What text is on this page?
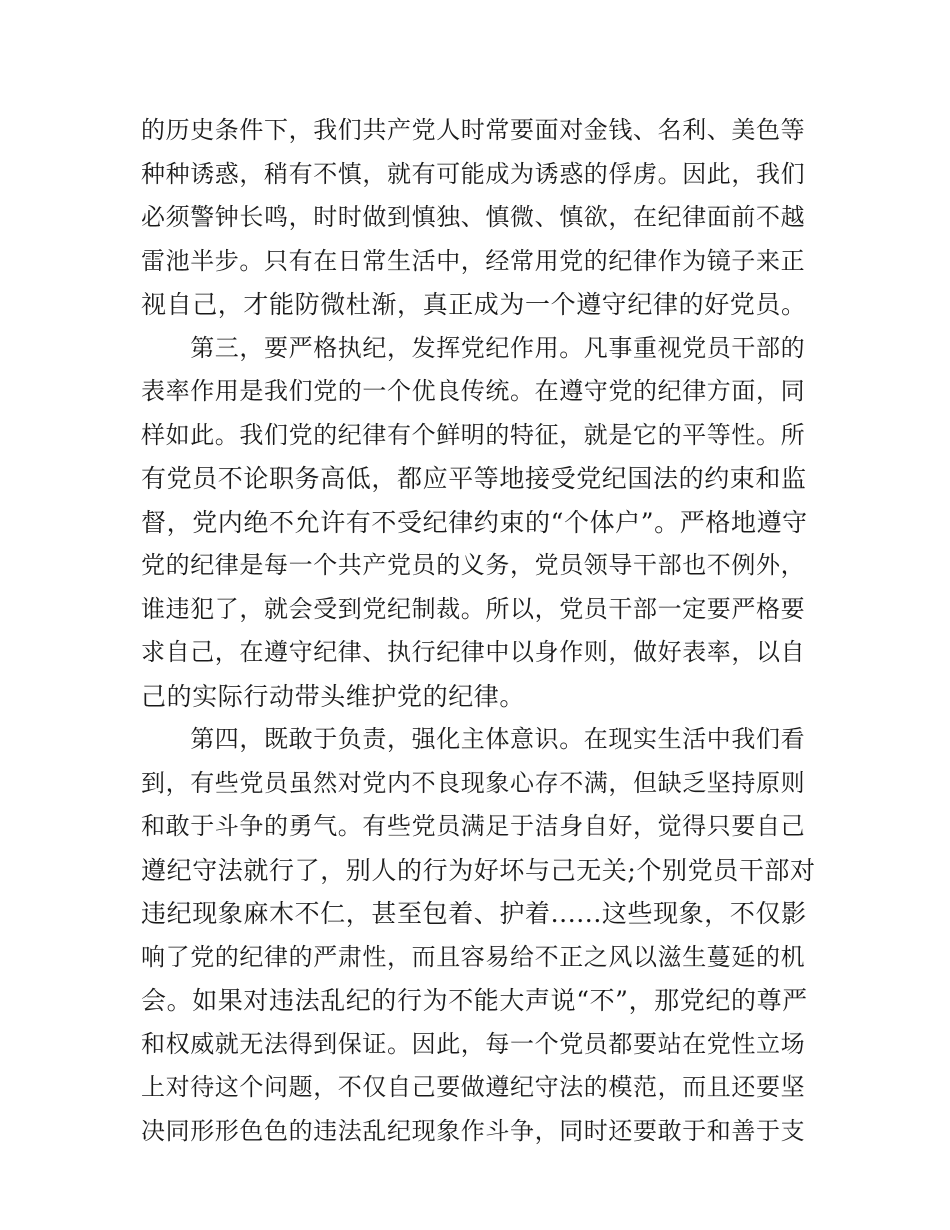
的历史条件下，我们共产党人时常要面对金钱、名利、美色等
种种诱惑，稍有不慎，就有可能成为诱惑的俘虏。因此，我们
必须警钟长鸣，时时做到慎独、慎微、慎欲，在纪律面前不越
雷池半步。只有在日常生活中，经常用党的纪律作为镜子来正
视自己，才能防微杜渐，真正成为一个遵守纪律的好党员。
　　第三，要严格执纪，发挥党纪作用。凡事重视党员干部的
表率作用是我们党的一个优良传统。在遵守党的纪律方面，同
样如此。我们党的纪律有个鲜明的特征，就是它的平等性。所
有党员不论职务高低，都应平等地接受党纪国法的约束和监
督，党内绝不允许有不受纪律约束的“个体户”。严格地遵守
党的纪律是每一个共产党员的义务，党员领导干部也不例外，
谁违犯了，就会受到党纪制裁。所以，党员干部一定要严格要
求自己，在遵守纪律、执行纪律中以身作则，做好表率，以自
己的实际行动带头维护党的纪律。
　　第四，既敢于负责，强化主体意识。在现实生活中我们看
到，有些党员虽然对党内不良现象心存不满，但缺乏坚持原则
和敢于斗争的勇气。有些党员满足于洁身自好，觉得只要自己
遵纪守法就行了，别人的行为好坏与己无关;个别党员干部对
违纪现象麻木不仁，甚至包着、护着......这些现象，不仅影
响了党的纪律的严肃性，而且容易给不正之风以滋生蔓延的机
会。如果对违法乱纪的行为不能大声说“不”，那党纪的尊严
和权威就无法得到保证。因此，每一个党员都要站在党性立场
上对待这个问题，不仅自己要做遵纪守法的模范，而且还要坚
决同形形色色的违法乱纪现象作斗争，同时还要敢于和善于支
